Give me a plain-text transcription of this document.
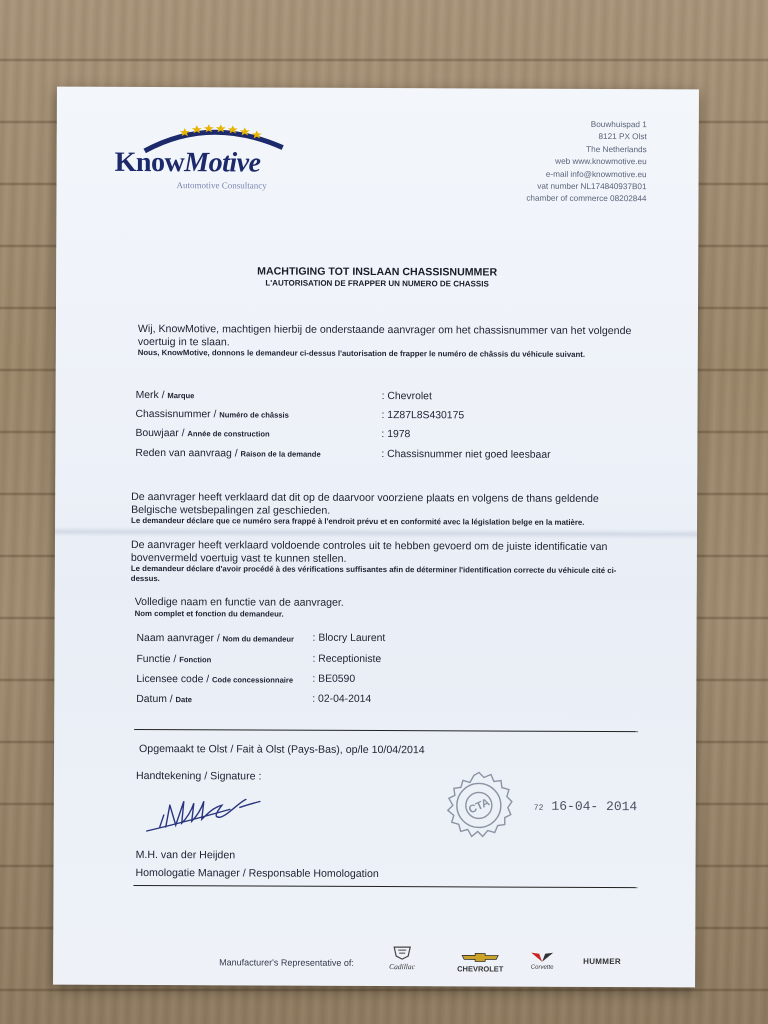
KnowMotive
Automotive Consultancy
Bouwhuispad 1
8121 PX Olst
The Netherlands
web www.knowmotive.eu
e-mail info@knowmotive.eu
vat number NL174840937B01
chamber of commerce 08202844
MACHTIGING TOT INSLAAN CHASSISNUMMER
L'AUTORISATION DE FRAPPER UN NUMERO DE CHASSIS
Wij, KnowMotive, machtigen hierbij de onderstaande aanvrager om het chassisnummer van het volgende voertuig in te slaan.
Nous, KnowMotive, donnons le demandeur ci-dessus l'autorisation de frapper le numéro de châssis du véhicule suivant.
Merk / Marque	: Chevrolet
Chassisnummer / Numéro de châssis	: 1Z87L8S430175
Bouwjaar / Année de construction	: 1978
Reden van aanvraag / Raison de la demande	: Chassisnummer niet goed leesbaar
De aanvrager heeft verklaard dat dit op de daarvoor voorziene plaats en volgens de thans geldende Belgische wetsbepalingen zal geschieden.
Le demandeur déclare que ce numéro sera frappé à l'endroit prévu et en conformité avec la législation belge en la matière.
De aanvrager heeft verklaard voldoende controles uit te hebben gevoerd om de juiste identificatie van bovenvermeld voertuig vast te kunnen stellen.
Le demandeur déclare d'avoir procédé à des vérifications suffisantes afin de déterminer l'identification correcte du véhicule cité ci-dessus.
Volledige naam en functie van de aanvrager.
Nom complet et fonction du demandeur.
Naam aanvrager / Nom du demandeur : Blocry Laurent
Functie / Fonction	: Receptioniste
Licensee code / Code concessionnaire : BE0590
Datum / Date	: 02-04-2014
Opgemaakt te Olst / Fait à Olst (Pays-Bas), op/le 10/04/2014
Handtekening / Signature :
CTA	72 16-04- 2014
M.H. van der Heijden
Homologatie Manager / Responsable Homologation
Manufacturer's Representative of:	Cadillac	CHEVROLET	Corvette
HUMMER
